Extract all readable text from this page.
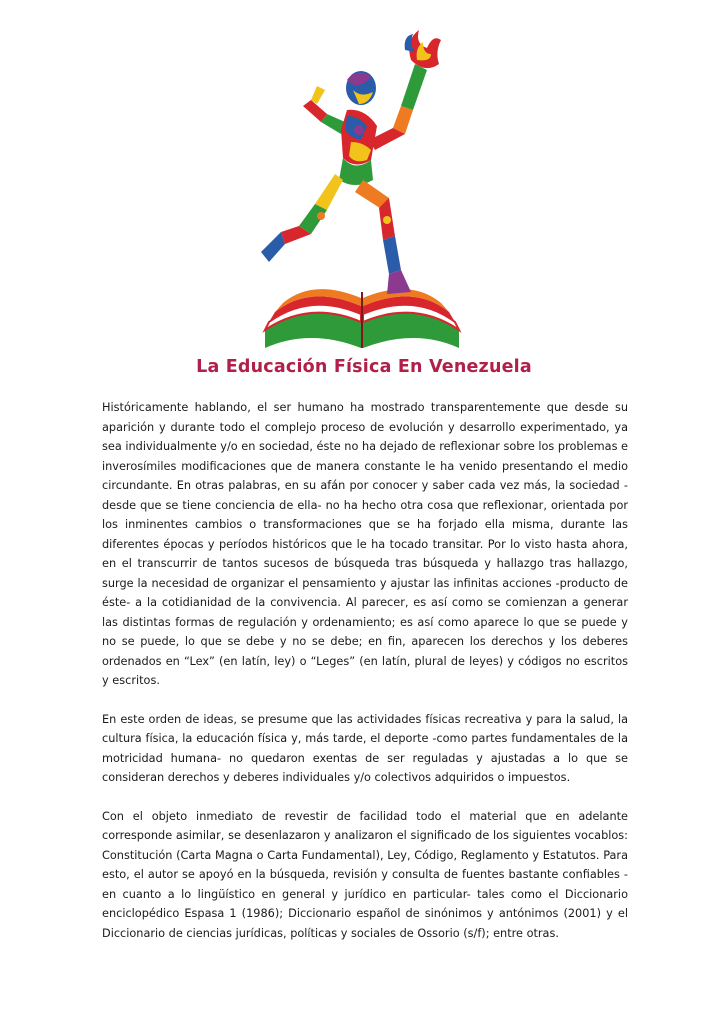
La Educación Física En Venezuela

Históricamente hablando, el ser humano ha mostrado transparentemente que desde su aparición y durante todo el complejo proceso de evolución y desarrollo experimentado, ya sea individualmente y/o en sociedad, éste no ha dejado de reflexionar sobre los problemas e inverosímiles modificaciones que de manera constante le ha venido presentando el medio circundante. En otras palabras, en su afán por conocer y saber cada vez más, la sociedad - desde que se tiene conciencia de ella- no ha hecho otra cosa que reflexionar, orientada por los inminentes cambios o transformaciones que se ha forjado ella misma, durante las diferentes épocas y períodos históricos que le ha tocado transitar. Por lo visto hasta ahora, en el transcurrir de tantos sucesos de búsqueda tras búsqueda y hallazgo tras hallazgo, surge la necesidad de organizar el pensamiento y ajustar las infinitas acciones -producto de éste- a la cotidianidad de la convivencia. Al parecer, es así como se comienzan a generar las distintas formas de regulación y ordenamiento; es así como aparece lo que se puede y no se puede, lo que se debe y no se debe; en fin, aparecen los derechos y los deberes ordenados en “Lex” (en latín, ley) o “Leges” (en latín, plural de leyes) y códigos no escritos y escritos.

En este orden de ideas, se presume que las actividades físicas recreativa y para la salud, la cultura física, la educación física y, más tarde, el deporte -como partes fundamentales de la motricidad humana- no quedaron exentas de ser reguladas y ajustadas a lo que se consideran derechos y deberes individuales y/o colectivos adquiridos o impuestos.

Con el objeto inmediato de revestir de facilidad todo el material que en adelante corresponde asimilar, se desenlazaron y analizaron el significado de los siguientes vocablos: Constitución (Carta Magna o Carta Fundamental), Ley, Código, Reglamento y Estatutos. Para esto, el autor se apoyó en la búsqueda, revisión y consulta de fuentes bastante confiables -en cuanto a lo lingüístico en general y jurídico en particular- tales como el Diccionario enciclopédico Espasa 1 (1986); Diccionario español de sinónimos y antónimos (2001) y el Diccionario de ciencias jurídicas, políticas y sociales de Ossorio (s/f); entre otras.
